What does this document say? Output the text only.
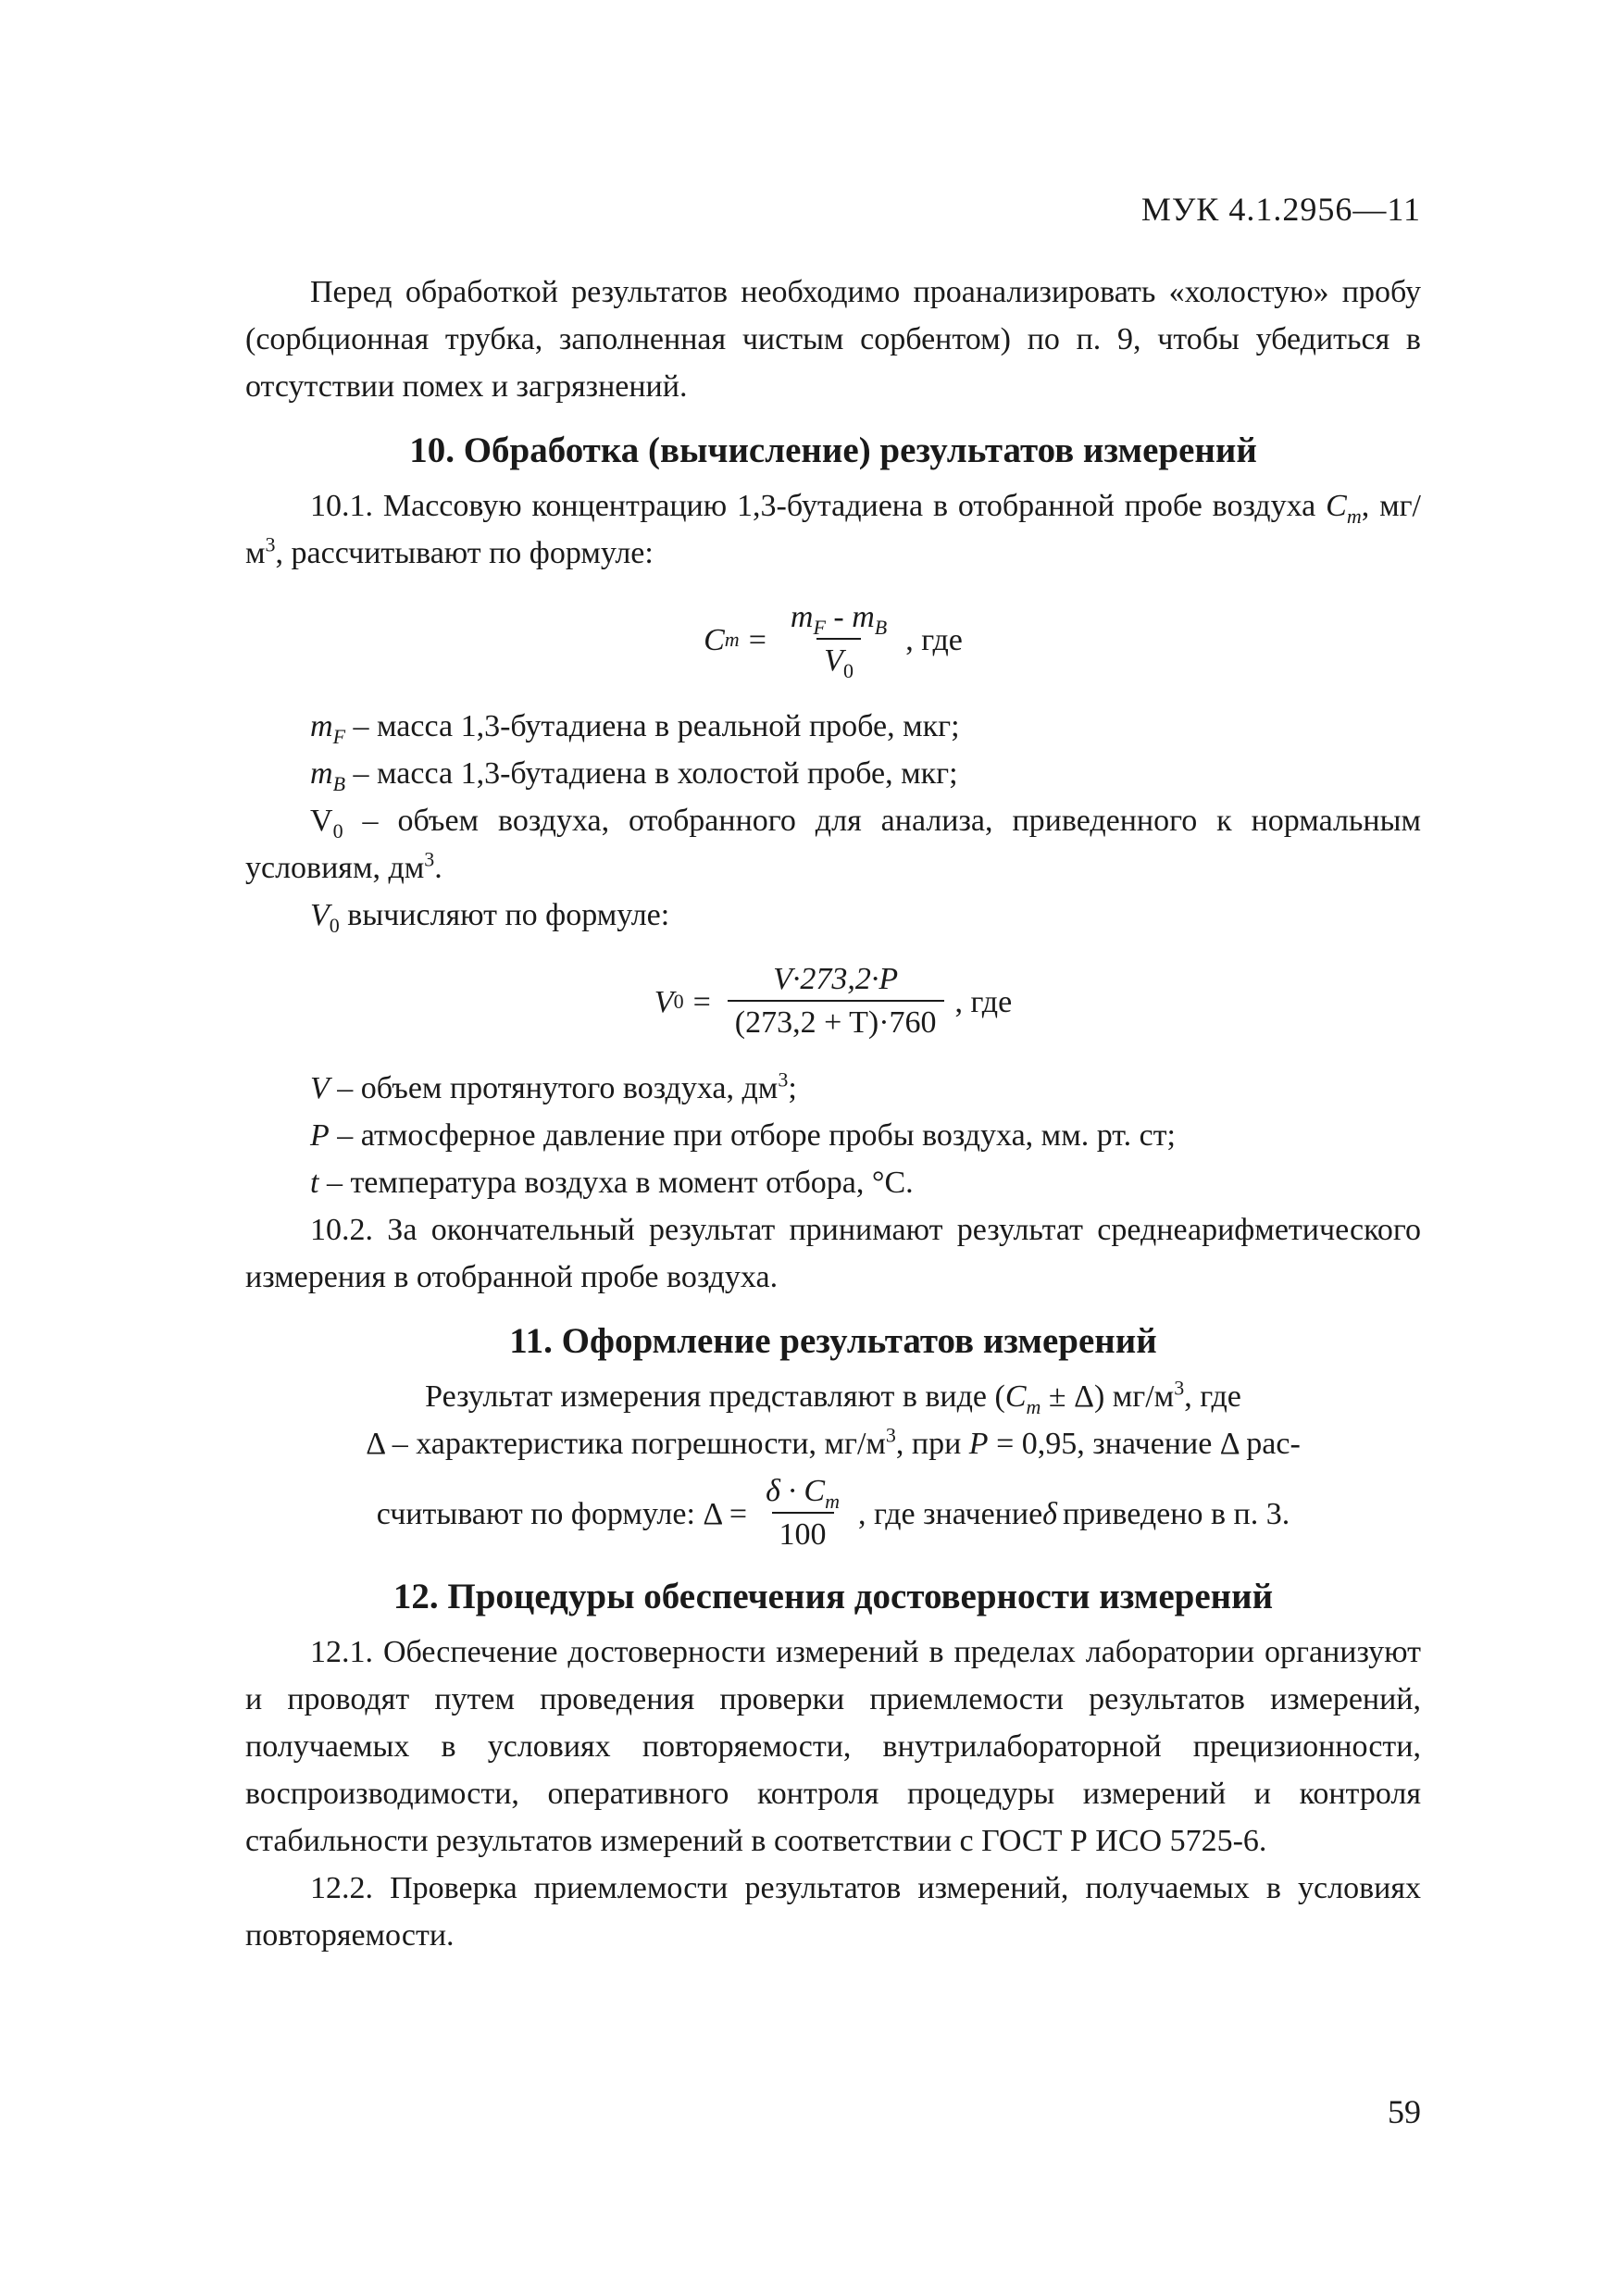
МУК 4.1.2956—11

Перед обработкой результатов необходимо проанализировать «холостую» пробу (сорбционная трубка, заполненная чистым сорбентом) по п. 9, чтобы убедиться в отсутствии помех и загрязнений.

10. Обработка (вычисление) результатов измерений

10.1. Массовую концентрацию 1,3-бутадиена в отобранной пробе воздуха $C_m$, $мг/м^3$, рассчитывают по формуле:

C $m = \frac{m_F - m_B}{V_0}$ , где

$m_F$ – масса 1,3-бутадиена в реальной пробе, мкг;

$m_B$ – масса 1,3-бутадиена в холостой пробе, мкг;

$V_0$ – объем воздуха, отобранного для анализа, приведенного к нормальным условиям, $дм^3$.

$V_0$ вычисляют по формуле:

V $0 = \frac{V\cdot 273,2\cdot P}{(273,2 + T)\cdot 760}$ , где

V – объем протянутого воздуха, $дм^3$;

P – атмосферное давление при отборе пробы воздуха, мм. рт. ст;

t – температура воздуха в момент отбора, °С.

10.2. За окончательный результат принимают результат среднеарифметического измерения в отобранной пробе воздуха.

11. Оформление результатов измерений

Результат измерения представляют в виде $(C_m \pm \Delta)$ $мг/м^3$, где

Δ – характеристика погрешности, $мг/м^3$, при P = 0,95, значение Δ рас-

считывают по формуле: $\Delta = \frac{\delta \cdot C_m}{100}$ , где значение δ приведено в п. 3.
12. Процедуры обеспечения достоверности измерений

12.1. Обеспечение достоверности измерений в пределах лаборатории организуют и проводят путем проведения проверки приемлемости результатов измерений, получаемых в условиях повторяемости, внутрилабораторной прецизионности, воспроизводимости, оперативного контроля процедуры измерений и контроля стабильности результатов измерений в соответствии с ГОСТ Р ИСО 5725-6.

12.2. Проверка приемлемости результатов измерений, получаемых в условиях повторяемости.

59
